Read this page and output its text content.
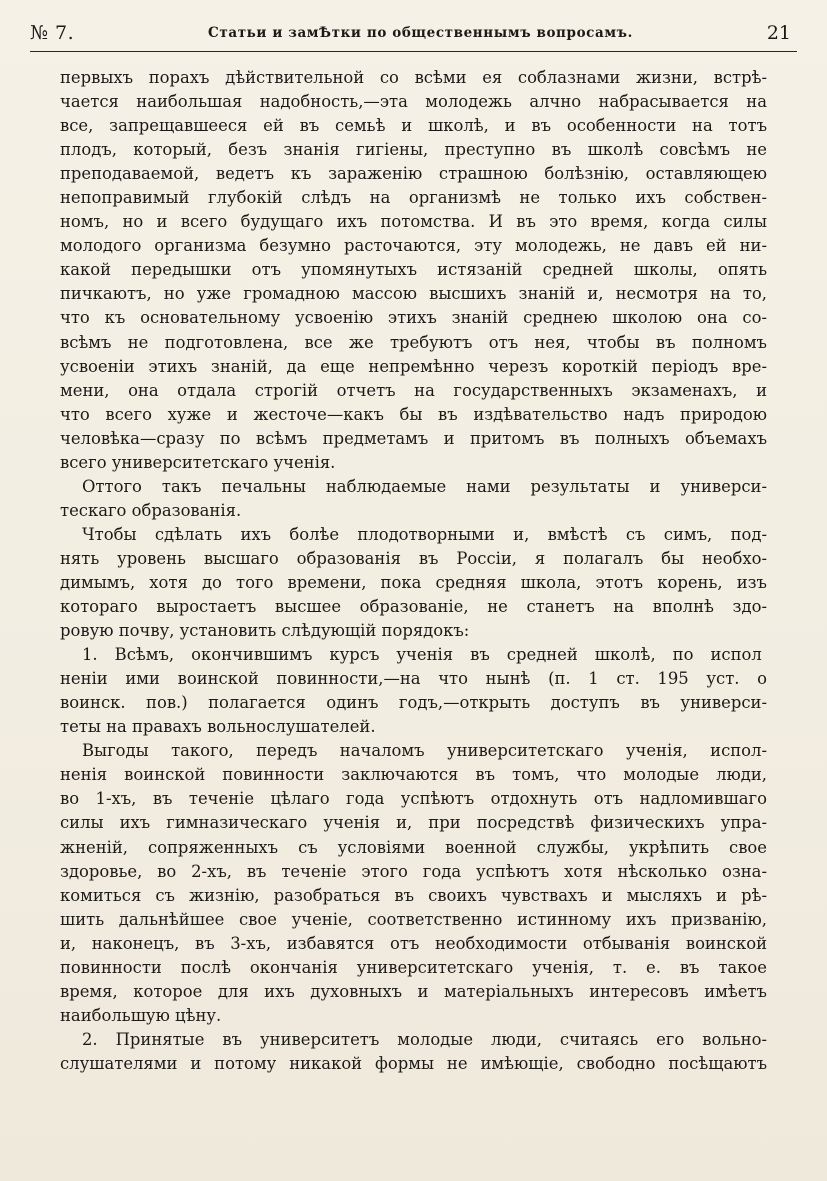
№ 7.	Статьи и замѢтки по общественнымъ вопросамъ.	21
первыхъ порахъ дѣйствительной со всѣми ея соблазнами жизни, встрѣ-
чается наибольшая надобность,—эта молодежь алчно набрасывается на
все, запрещавшееся ей въ семьѣ и школѣ, и въ особенности на тотъ
плодъ, который, безъ знанія гигіены, преступно въ школѣ совсѣмъ не
преподаваемой, ведетъ къ зараженію страшною болѣзнію, оставляющею
непоправимый глубокій слѣдъ на организмѣ не только ихъ собствен-
номъ, но и всего будущаго ихъ потомства. И въ это время, когда силы
молодого организма безумно расточаются, эту молодежь, не давъ ей ни-
какой передышки отъ упомянутыхъ истязаній средней школы, опять
пичкаютъ, но уже громадною массою высшихъ знаній и, несмотря на то,
что къ основательному усвоенію этихъ знаній среднею школою она со-
всѣмъ не подготовлена, все же требуютъ отъ нея, чтобы въ полномъ
усвоеніи этихъ знаній, да еще непремѣнно черезъ короткій періодъ вре-
мени, она отдала строгій отчетъ на государственныхъ экзаменахъ, и
что всего хуже и жесточе—какъ бы въ издѣвательство надъ природою
человѣка—сразу по всѣмъ предметамъ и притомъ въ полныхъ объемахъ
всего университетскаго ученія.
Оттого такъ печальны наблюдаемые нами результаты и универси-
тескаго образованія.
Чтобы сдѣлать ихъ болѣе плодотворными и, вмѣстѣ съ симъ, под-
нять уровень высшаго образованія въ Россіи, я полагалъ бы необхо-
димымъ, хотя до того времени, пока средняя школа, этотъ корень, изъ
котораго выростаетъ высшее образованіе, не станетъ на вполнѣ здо-
ровую почву, установить слѣдующій порядокъ:
1. Всѣмъ, окончившимъ курсъ ученія въ средней школѣ, по испол
неніи ими воинской повинности,—на что нынѣ (п. 1 ст. 195 уст. о
воинск. пов.) полагается одинъ годъ,—открыть доступъ въ универси-
теты на правахъ вольнослушателей.
Выгоды такого, передъ началомъ университетскаго ученія, испол-
ненія воинской повинности заключаются въ томъ, что молодые люди,
во 1-хъ, въ теченіе цѣлаго года успѣютъ отдохнуть отъ надломившаго
силы ихъ гимназическаго ученія и, при посредствѣ физическихъ упра-
жненій, сопряженныхъ съ условіями военной службы, укрѣпить свое
здоровье, во 2-хъ, въ теченіе этого года успѣютъ хотя нѣсколько озна-
комиться съ жизнію, разобраться въ своихъ чувствахъ и мысляхъ и рѣ-
шить дальнѣйшее свое ученіе, соответственно истинному ихъ призванію,
и, наконецъ, въ 3-хъ, избавятся отъ необходимости отбыванія воинской
повинности послѣ окончанія университетскаго ученія, т. е. въ такое
время, которое для ихъ духовныхъ и матеріальныхъ интересовъ имѣетъ
наибольшую цѣну.
2. Принятые въ университетъ молодые люди, считаясь его вольно-
слушателями и потому никакой формы не имѣющіе, свободно посѣщаютъ
